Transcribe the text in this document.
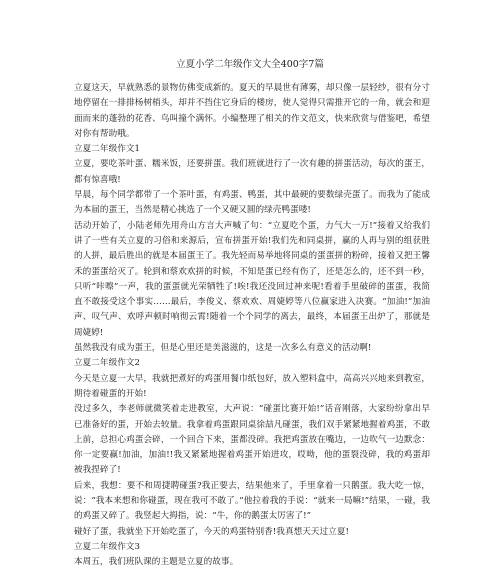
立夏小学二年级作文大全400字7篇

立夏这天，早就熟悉的景物仿佛变成新的。夏天的早晨世有薄雾，却只像一层轻纱，很有分寸地停留在一排排杨树梢头，却并不挡住它身后的楼房，使人觉得只需推开它的一角，就会和迎面而来的蓬勃的花香、鸟叫撞个满怀。小编整理了相关的作文范文，快来欣赏与借鉴吧，希望对你有帮助哦。

立夏二年级作文1

立夏，要吃茶叶蛋、糯米饭，还要拼蛋。我们班就进行了一次有趣的拼蛋活动，每次的蛋王，都有惊喜哦!

早晨，每个同学都带了一个茶叶蛋，有鸡蛋、鸭蛋，其中最硬的要数绿壳蛋了。而我为了能成为本届的蛋王，当然是精心挑选了一个又硬又圆的绿壳鸭蛋喽!

活动开始了，小陆老师先用舟山方言大声喊了句：“立夏吃个蛋，力气大一万!”接着又给我们讲了一些有关立夏的习俗和来源后，宣布拼蛋开始!我们先和同桌拼，赢的人再与别的组获胜的人拼，最后胜出的就是本届蛋王了。我先轻而易举地将同桌的蛋蛋拼的粉碎，接着又把王馨禾的蛋蛋给灭了。轮到和蔡欢欢拼的时候，不知是蛋已经有伤了，还是怎么的，还不到一秒，只听“咔嚓”一声，我的蛋蛋就光荣牺牲了!唉!我还没回过神来呢!看着手里破碎的蛋蛋，我简直不敢接受这个事实……最后，李俊义、蔡欢欢、周婕婷等八位赢家进入决赛。“加油!”加油声、叹气声、欢呼声顿时响彻云霄!随着一个个同学的离去，最终，本届蛋王出炉了，那就是周婕婷!

虽然我没有成为蛋王，但是心里还是美滋滋的，这是一次多么有意义的活动啊!

立夏二年级作文2

今天是立夏一大早，我就把煮好的鸡蛋用餐巾纸包好，放入塑料盒中，高高兴兴地来到教室，期待着碰蛋的开始!

没过多久，李老师就微笑着走进教室，大声说：“碰蛋比赛开始!”话音刚落，大家纷纷拿出早已准备好的蛋，开始去较量。我拿着鸡蛋跟同桌徐喆凡碰蛋，我们双手紧紧地握着鸡蛋，不敢上前，总担心鸡蛋会碎，一个回合下来，蛋都没碎。我把鸡蛋放在嘴边，一边吹气一边默念：你一定要赢!加油，加油!!我又紧紧地握着鸡蛋开始进攻，哎呦，他的蛋裂没碎，我的鸡蛋却被我捏碎了!

后来，我想：要不和周捷聘碰蛋?我正要去，结果他来了，手里拿着一只鹅蛋。我大吃一惊，说：“我本来想和你碰蛋，现在我可不敢了。”他拉着我的手说：“就来一局嘛!”结果，一碰，我的鸡蛋又碎了。我竖起大拇指，说：“牛，你的鹅蛋太厉害了!”

碰好了蛋，我就坐下开始吃蛋了，今天的鸡蛋特别香!我真想天天过立夏!

立夏二年级作文3

本周五，我们班队课的主题是立夏的故事。
